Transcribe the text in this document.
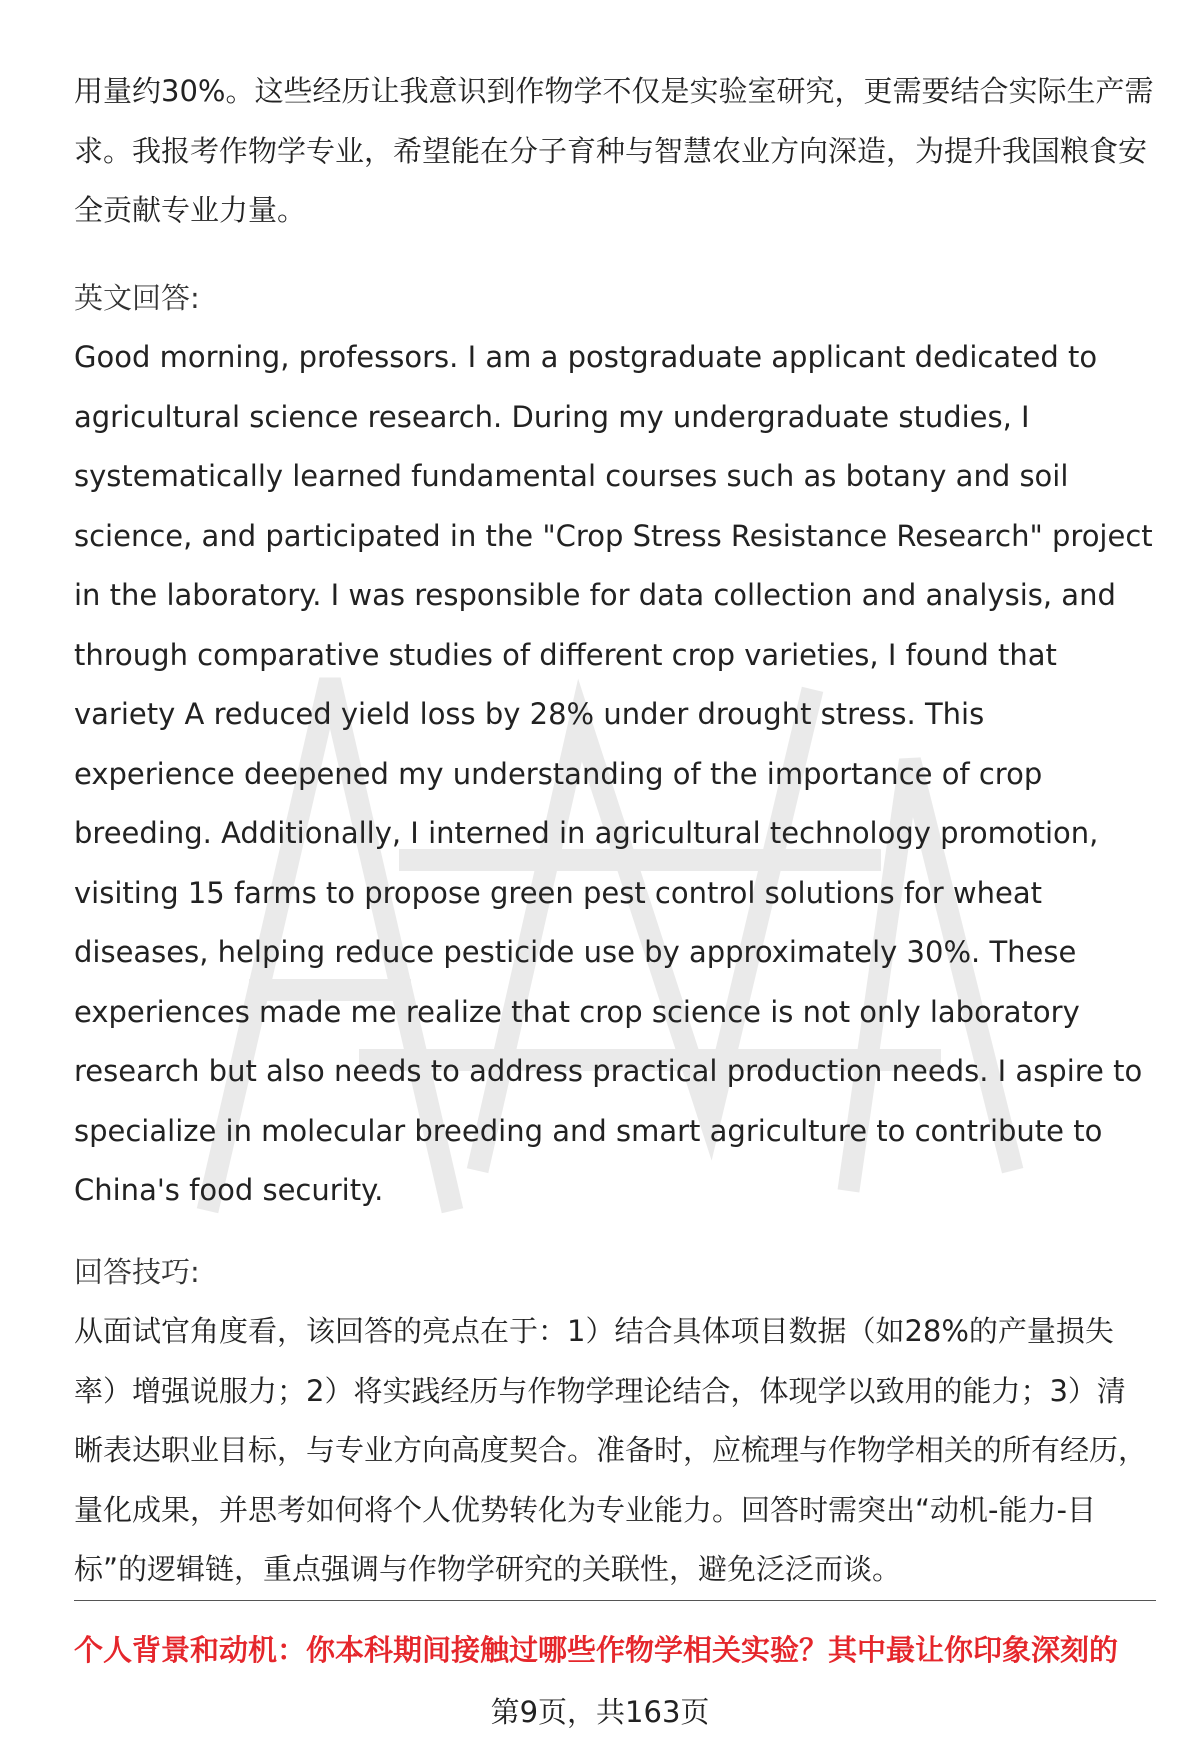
用量约30%。这些经历让我意识到作物学不仅是实验室研究，更需要结合实际生产需求。我报考作物学专业，希望能在分子育种与智慧农业方向深造，为提升我国粮食安全贡献专业力量。

英文回答:

Good morning, professors. I am a postgraduate applicant dedicated to agricultural science research. During my undergraduate studies, I systematically learned fundamental courses such as botany and soil science, and participated in the "Crop Stress Resistance Research" project in the laboratory. I was responsible for data collection and analysis, and through comparative studies of different crop varieties, I found that variety A reduced yield loss by 28% under drought stress. This experience deepened my understanding of the importance of crop breeding. Additionally, I interned in agricultural technology promotion, visiting 15 farms to propose green pest control solutions for wheat diseases, helping reduce pesticide use by approximately 30%. These experiences made me realize that crop science is not only laboratory research but also needs to address practical production needs. I aspire to specialize in molecular breeding and smart agriculture to contribute to China's food security.

回答技巧:

从面试官角度看，该回答的亮点在于：1）结合具体项目数据（如28%的产量损失率）增强说服力；2）将实践经历与作物学理论结合，体现学以致用的能力；3）清晰表达职业目标，与专业方向高度契合。准备时，应梳理与作物学相关的所有经历，量化成果，并思考如何将个人优势转化为专业能力。回答时需突出“动机-能力-目标”的逻辑链，重点强调与作物学研究的关联性，避免泛泛而谈。

个人背景和动机：你本科期间接触过哪些作物学相关实验？其中最让你印象深刻的
第9页，共163页
